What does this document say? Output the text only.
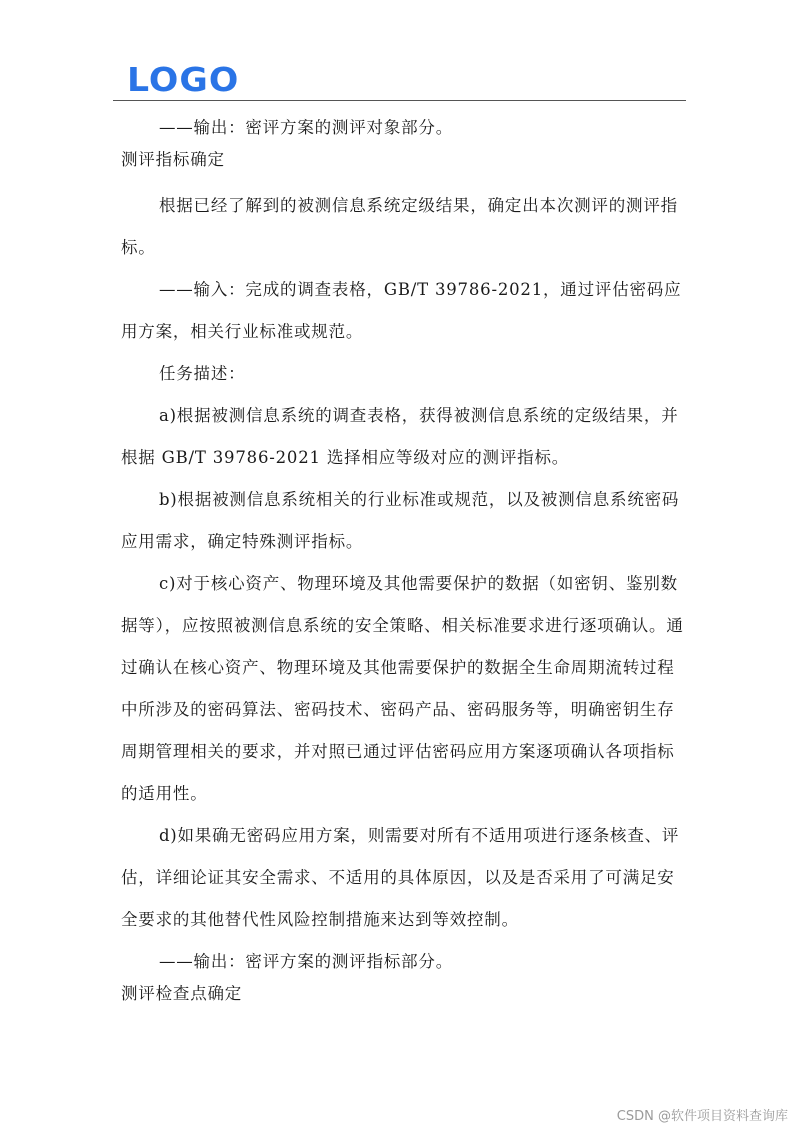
LOGO

——输出：密评方案的测评对象部分。

测评指标确定

根据已经了解到的被测信息系统定级结果，确定出本次测评的测评指标。

——输入：完成的调查表格，GB/T 39786-2021，通过评估密码应用方案，相关行业标准或规范。

任务描述：

a)根据被测信息系统的调查表格，获得被测信息系统的定级结果，并根据 GB/T 39786-2021 选择相应等级对应的测评指标。

b)根据被测信息系统相关的行业标准或规范，以及被测信息系统密码应用需求，确定特殊测评指标。

c)对于核心资产、物理环境及其他需要保护的数据（如密钥、鉴别数据等），应按照被测信息系统的安全策略、相关标准要求进行逐项确认。通过确认在核心资产、物理环境及其他需要保护的数据全生命周期流转过程中所涉及的密码算法、密码技术、密码产品、密码服务等，明确密钥生存周期管理相关的要求，并对照已通过评估密码应用方案逐项确认各项指标的适用性。

d)如果确无密码应用方案，则需要对所有不适用项进行逐条核查、评估，详细论证其安全需求、不适用的具体原因，以及是否采用了可满足安全要求的其他替代性风险控制措施来达到等效控制。

——输出：密评方案的测评指标部分。

测评检查点确定

CSDN @软件项目资料查询库
